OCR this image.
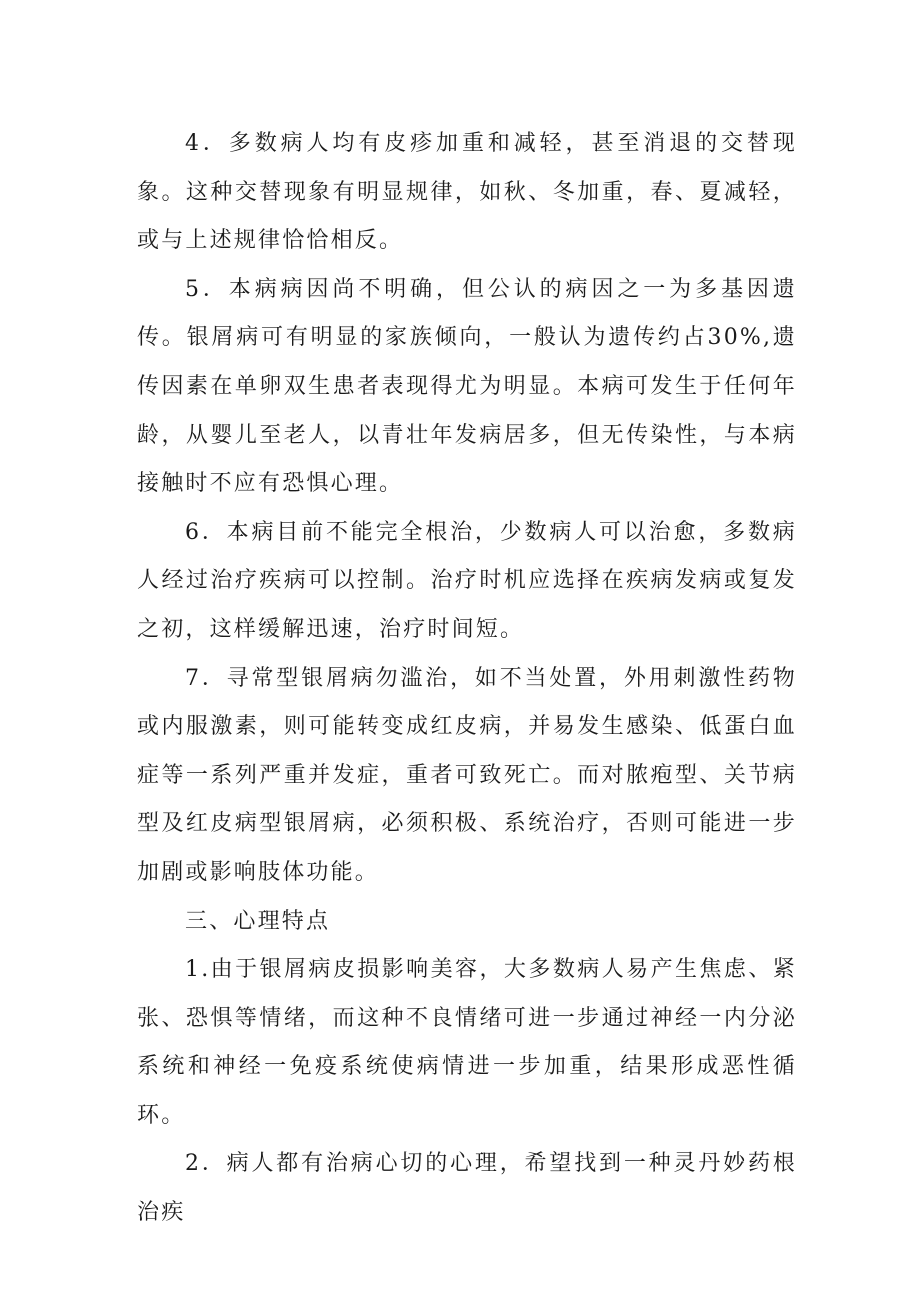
4．多数病人均有皮疹加重和减轻，甚至消退的交替现象。这种交替现象有明显规律，如秋、冬加重，春、夏减轻，或与上述规律恰恰相反。

5．本病病因尚不明确，但公认的病因之一为多基因遗传。银屑病可有明显的家族倾向，一般认为遗传约占30%,遗传因素在单卵双生患者表现得尤为明显。本病可发生于任何年龄，从婴儿至老人，以青壮年发病居多，但无传染性，与本病接触时不应有恐惧心理。

6．本病目前不能完全根治，少数病人可以治愈，多数病人经过治疗疾病可以控制。治疗时机应选择在疾病发病或复发之初，这样缓解迅速，治疗时间短。

7．寻常型银屑病勿滥治，如不当处置，外用刺激性药物或内服激素，则可能转变成红皮病，并易发生感染、低蛋白血症等一系列严重并发症，重者可致死亡。而对脓疱型、关节病型及红皮病型银屑病，必须积极、系统治疗，否则可能进一步加剧或影响肢体功能。

三、心理特点

1.由于银屑病皮损影响美容，大多数病人易产生焦虑、紧张、恐惧等情绪，而这种不良情绪可进一步通过神经一内分泌系统和神经一免疫系统使病情进一步加重，结果形成恶性循环。

2．病人都有治病心切的心理，希望找到一种灵丹妙药根治疾
